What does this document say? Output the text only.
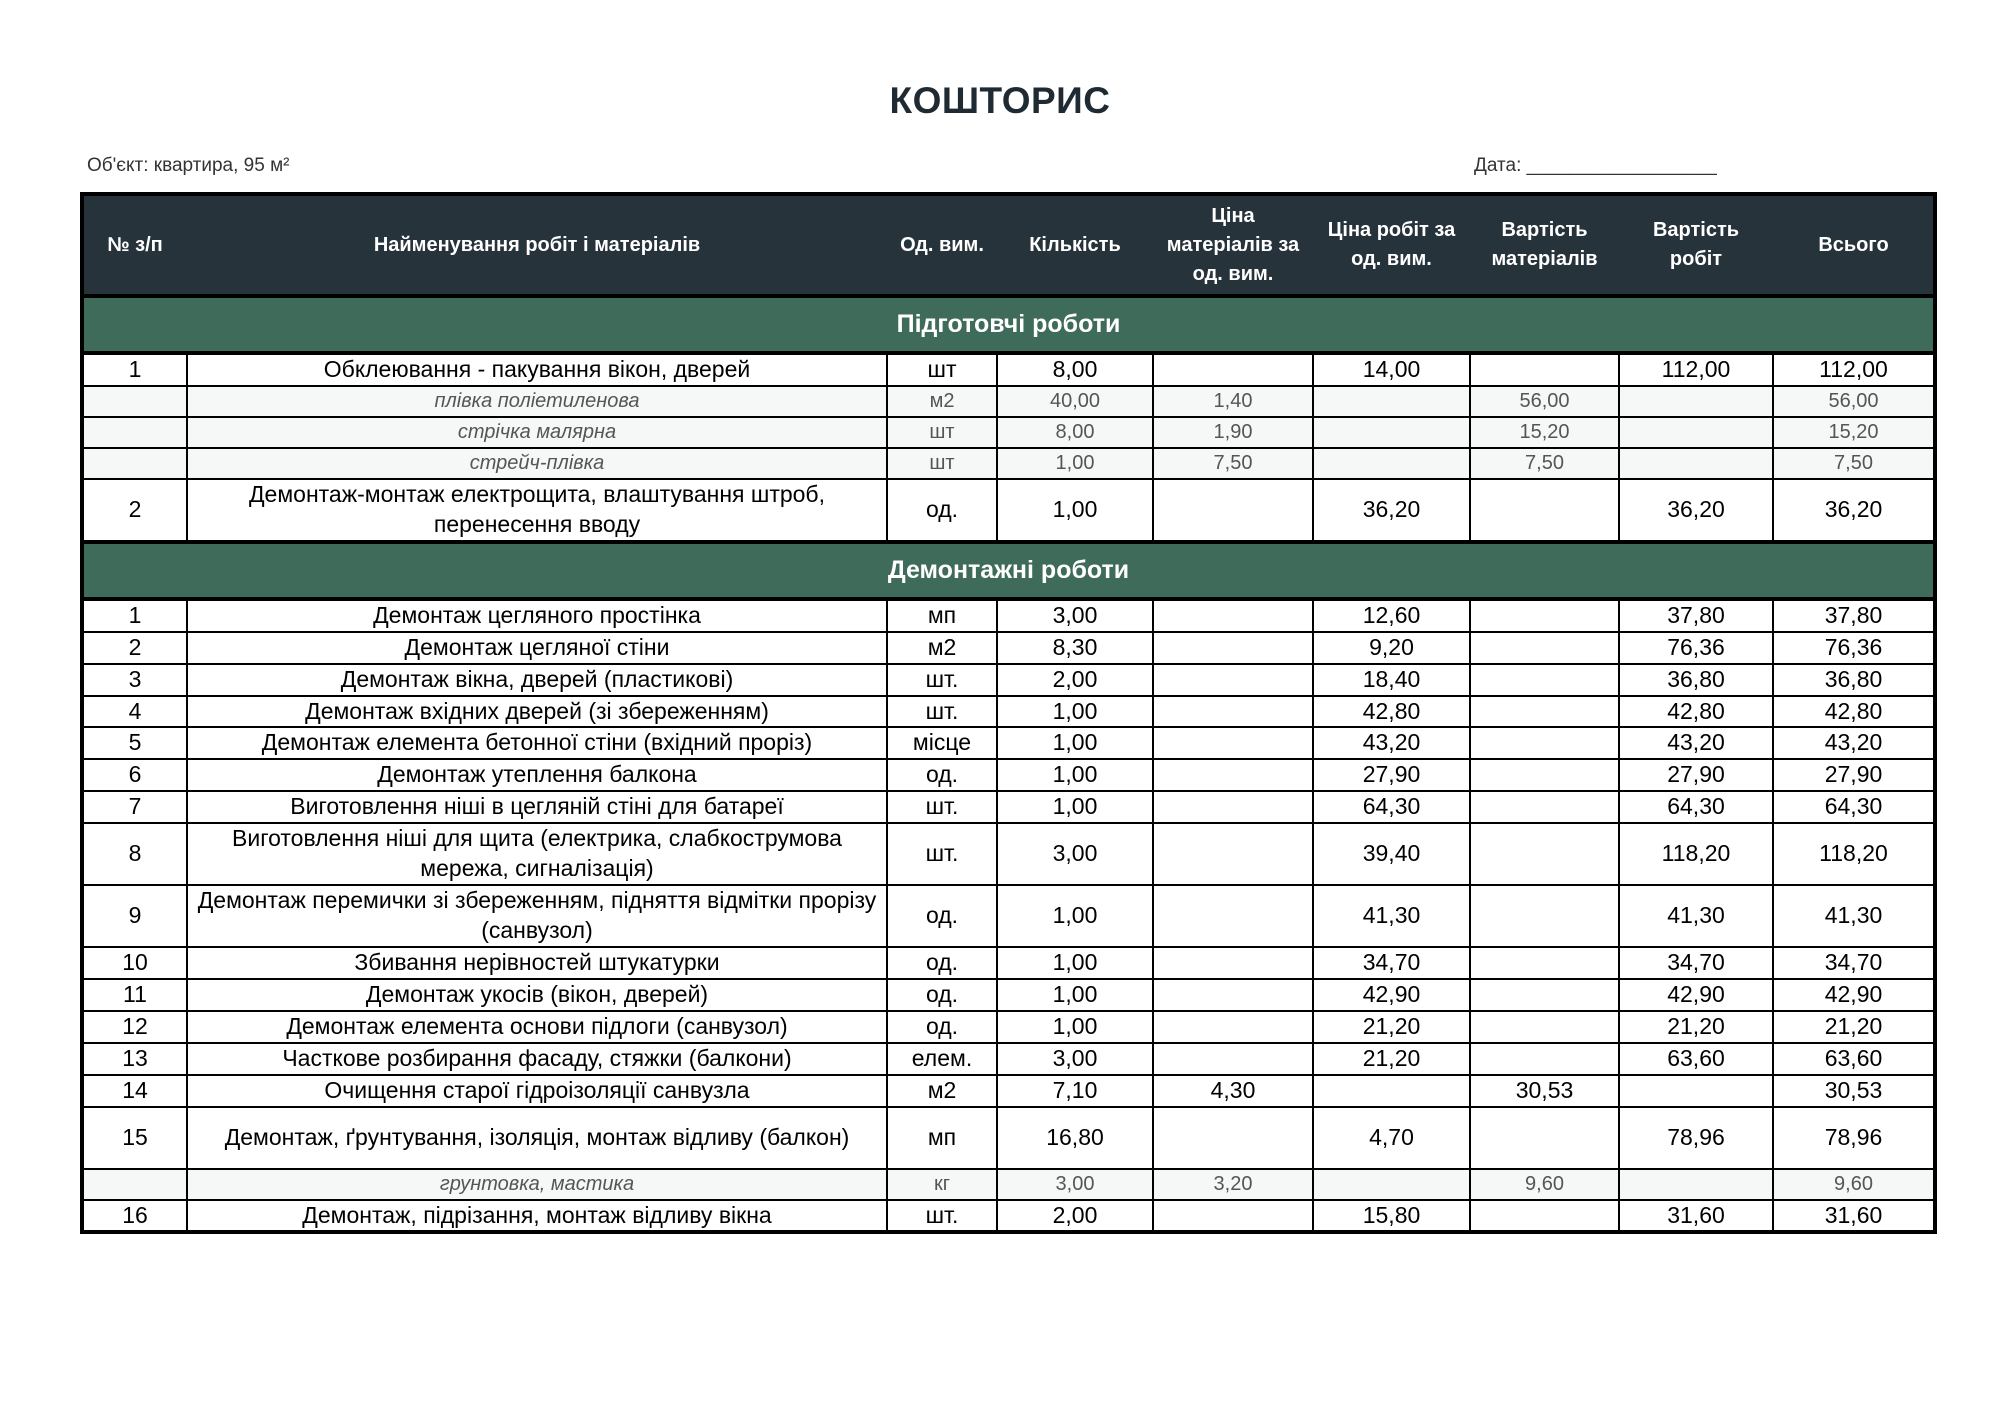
КОШТОРИС
Об'єкт: квартира, 95 м²	Дата: __________________
№ з/п	Найменування робіт і матеріалів	Од. вим.	Кількість	Ціна матеріалів за од. вим.	Ціна робіт за од. вим.	Вартість матеріалів	Вартість робіт	Всього
Підготовчі роботи								
1	Обклеювання - пакування вікон, дверей	шт	8,00		14,00		112,00	112,00
	плівка поліетиленова	м2	40,00	1,40		56,00		56,00
	стрічка малярна	шт	8,00	1,90		15,20		15,20
	стрейч-плівка	шт	1,00	7,50		7,50		7,50
2	Демонтаж-монтаж електрощита, влаштування штроб, перенесення вводу	од.	1,00		36,20		36,20	36,20
Демонтажні роботи								
1	Демонтаж цегляного простінка	мп	3,00		12,60		37,80	37,80
2	Демонтаж цегляної стіни	м2	8,30		9,20		76,36	76,36
3	Демонтаж вікна, дверей (пластикові)	шт.	2,00		18,40		36,80	36,80
4	Демонтаж вхідних дверей (зі збереженням)	шт.	1,00		42,80		42,80	42,80
5	Демонтаж елемента бетонної стіни (вхідний проріз)	місце	1,00		43,20		43,20	43,20
6	Демонтаж утеплення балкона	од.	1,00		27,90		27,90	27,90
7	Виготовлення ніші в цегляній стіні для батареї	шт.	1,00		64,30		64,30	64,30
8	Виготовлення ніші для щита (електрика, слабкострумова мережа, сигналізація)	шт.	3,00		39,40		118,20	118,20
9	Демонтаж перемички зі збереженням, підняття відмітки прорізу (санвузол)	од.	1,00		41,30		41,30	41,30
10	Збивання нерівностей штукатурки	од.	1,00		34,70		34,70	34,70
11	Демонтаж укосів (вікон, дверей)	од.	1,00		42,90		42,90	42,90
12	Демонтаж елемента основи підлоги (санвузол)	од.	1,00		21,20		21,20	21,20
13	Часткове розбирання фасаду, стяжки (балкони)	елем.	3,00		21,20		63,60	63,60
14	Очищення старої гідроізоляції санвузла	м2	7,10	4,30		30,53		30,53
15	Демонтаж, ґрунтування, ізоляція, монтаж відливу (балкон)	мп	16,80		4,70		78,96	78,96
	грунтовка, мастика	кг	3,00	3,20		9,60		9,60
16	Демонтаж, підрізання, монтаж відливу вікна	шт.	2,00		15,80		31,60	31,60
